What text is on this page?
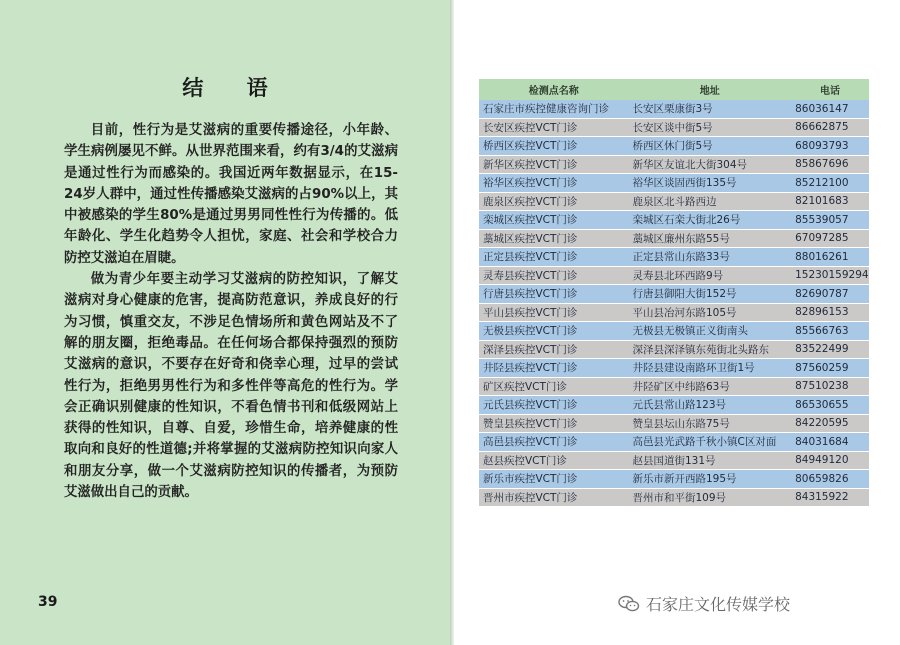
结 语

目前，性行为是艾滋病的重要传播途径，小年龄、学生病例屡见不鲜。从世界范围来看，约有3/4的艾滋病是通过性行为而感染的。我国近两年数据显示，在15-24岁人群中，通过性传播感染艾滋病的占90%以上，其中被感染的学生80%是通过男男同性性行为传播的。低年龄化、学生化趋势令人担忧，家庭、社会和学校合力防控艾滋迫在眉睫。

做为青少年要主动学习艾滋病的防控知识，了解艾滋病对身心健康的危害，提高防范意识，养成良好的行为习惯，慎重交友，不涉足色情场所和黄色网站及不了解的朋友圈，拒绝毒品。在任何场合都保持强烈的预防艾滋病的意识，不要存在好奇和侥幸心理，过早的尝试性行为，拒绝男男性行为和多性伴等高危的性行为。学会正确识别健康的性知识，不看色情书刊和低级网站上获得的性知识，自尊、自爱，珍惜生命，培养健康的性取向和良好的性道德;并将掌握的艾滋病防控知识向家人和朋友分享，做一个艾滋病防控知识的传播者，为预防艾滋做出自己的贡献。

39
检测点名称	地址	电话
石家庄市疾控健康咨询门诊	长安区栗康街3号	86036147
长安区疾控VCT门诊	长安区谈中街5号	86662875
桥西区疾控VCT门诊	桥西区休门街5号	68093793
新华区疾控VCT门诊	新华区友谊北大街304号	85867696
裕华区疾控VCT门诊	裕华区谈固西街135号	85212100
鹿泉区疾控VCT门诊	鹿泉区北斗路西边	82101683
栾城区疾控VCT门诊	栾城区石栾大街北26号	85539057
藁城区疾控VCT门诊	藁城区廉州东路55号	67097285
正定县疾控VCT门诊	正定县常山东路33号	88016261
灵寿县疾控VCT门诊	灵寿县北环西路9号	15230159294
行唐县疾控VCT门诊	行唐县御阳大街152号	82690787
平山县疾控VCT门诊	平山县冶河东路105号	82896153
无极县疾控VCT门诊	无极县无极镇正义街南头	85566763
深泽县疾控VCT门诊	深泽县深泽镇东苑街北头路东	83522499
井陉县疾控VCT门诊	井陉县建设南路环卫街1号	87560259
矿区疾控VCT门诊	井陉矿区中纬路63号	87510238
元氏县疾控VCT门诊	元氏县常山路123号	86530655
赞皇县疾控VCT门诊	赞皇县坛山东路75号	84220595
高邑县疾控VCT门诊	高邑县光武路千秋小镇C区对面	84031684
赵县疾控VCT门诊	赵县国道街131号	84949120
新乐市疾控VCT门诊	新乐市新开西路195号	80659826
晋州市疾控VCT门诊	晋州市和平街109号	84315922
石家庄文化传媒学校
